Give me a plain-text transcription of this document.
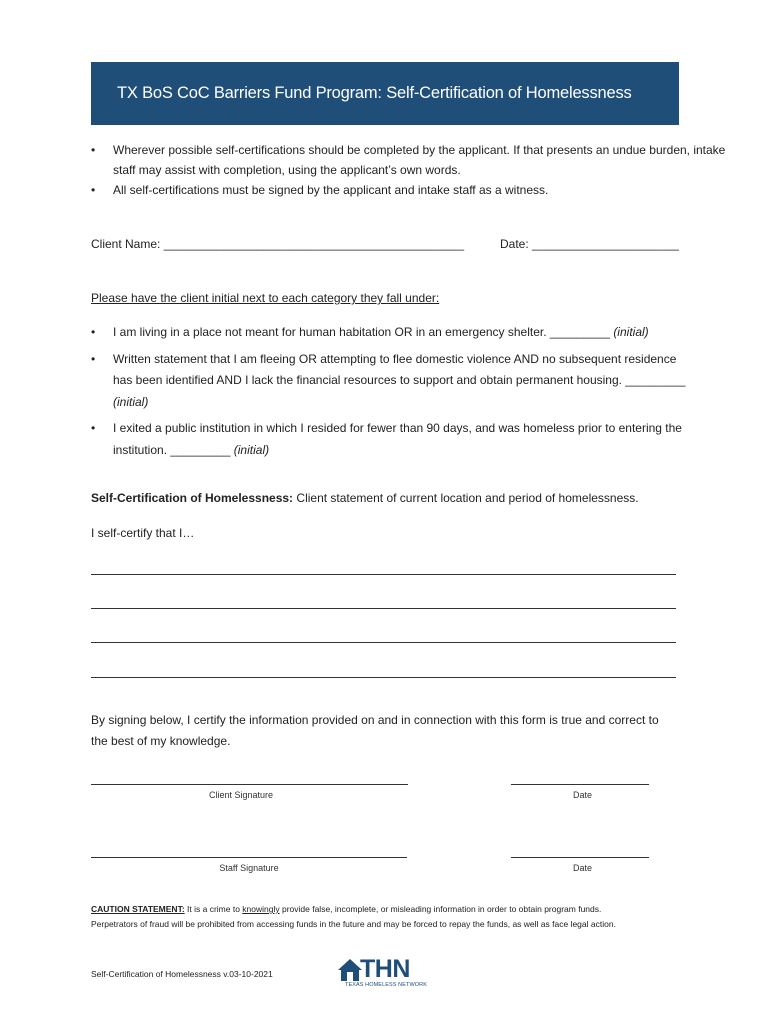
TX BoS CoC Barriers Fund Program: Self-Certification of Homelessness
• Wherever possible self-certifications should be completed by the applicant. If that presents an undue burden, intake staff may assist with completion, using the applicant’s own words.
• All self-certifications must be signed by the applicant and intake staff as a witness.
Client Name: _____________________________________________	Date: ______________________
Please have the client initial next to each category they fall under:
• I am living in a place not meant for human habitation OR in an emergency shelter. _________ (initial)
• Written statement that I am fleeing OR attempting to flee domestic violence AND no subsequent residence has been identified AND I lack the financial resources to support and obtain permanent housing. _________ (initial)
• I exited a public institution in which I resided for fewer than 90 days, and was homeless prior to entering the institution. _________ (initial)
Self-Certification of Homelessness: Client statement of current location and period of homelessness.
I self-certify that I…
By signing below, I certify the information provided on and in connection with this form is true and correct to the best of my knowledge.
Client Signature	Date
Staff Signature	Date
CAUTION STATEMENT: It is a crime to knowingly provide false, incomplete, or misleading information in order to obtain program funds.
Perpetrators of fraud will be prohibited from accessing funds in the future and may be forced to repay the funds, as well as face legal action.
Self-Certification of Homelessness v.03-10-2021	THN
TEXAS HOMELESS NETWORK
